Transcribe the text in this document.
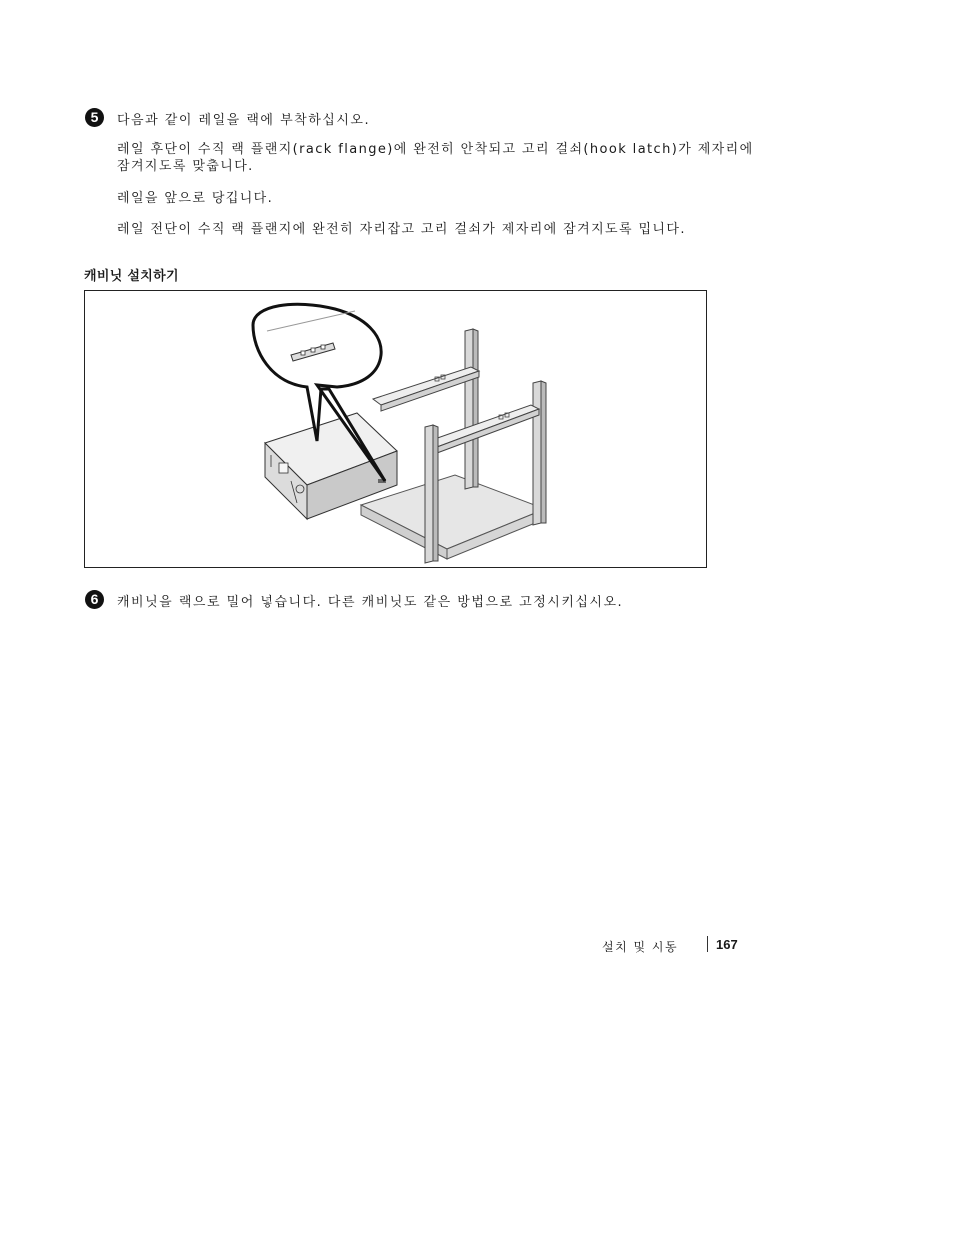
5	다음과 같이 레일을 랙에 부착하십시오.
레일 후단이 수직 랙 플랜지(rack flange)에 완전히 안착되고 고리 걸쇠(hook latch)가 제자리에 잠겨지도록 맞춥니다.
레일을 앞으로 당깁니다.
레일 전단이 수직 랙 플랜지에 완전히 자리잡고 고리 걸쇠가 제자리에 잠겨지도록 밉니다.
캐비닛 설치하기
6	캐비닛을 랙으로 밀어 넣습니다. 다른 캐비닛도 같은 방법으로 고정시키십시오.
설치 및 시동	167
